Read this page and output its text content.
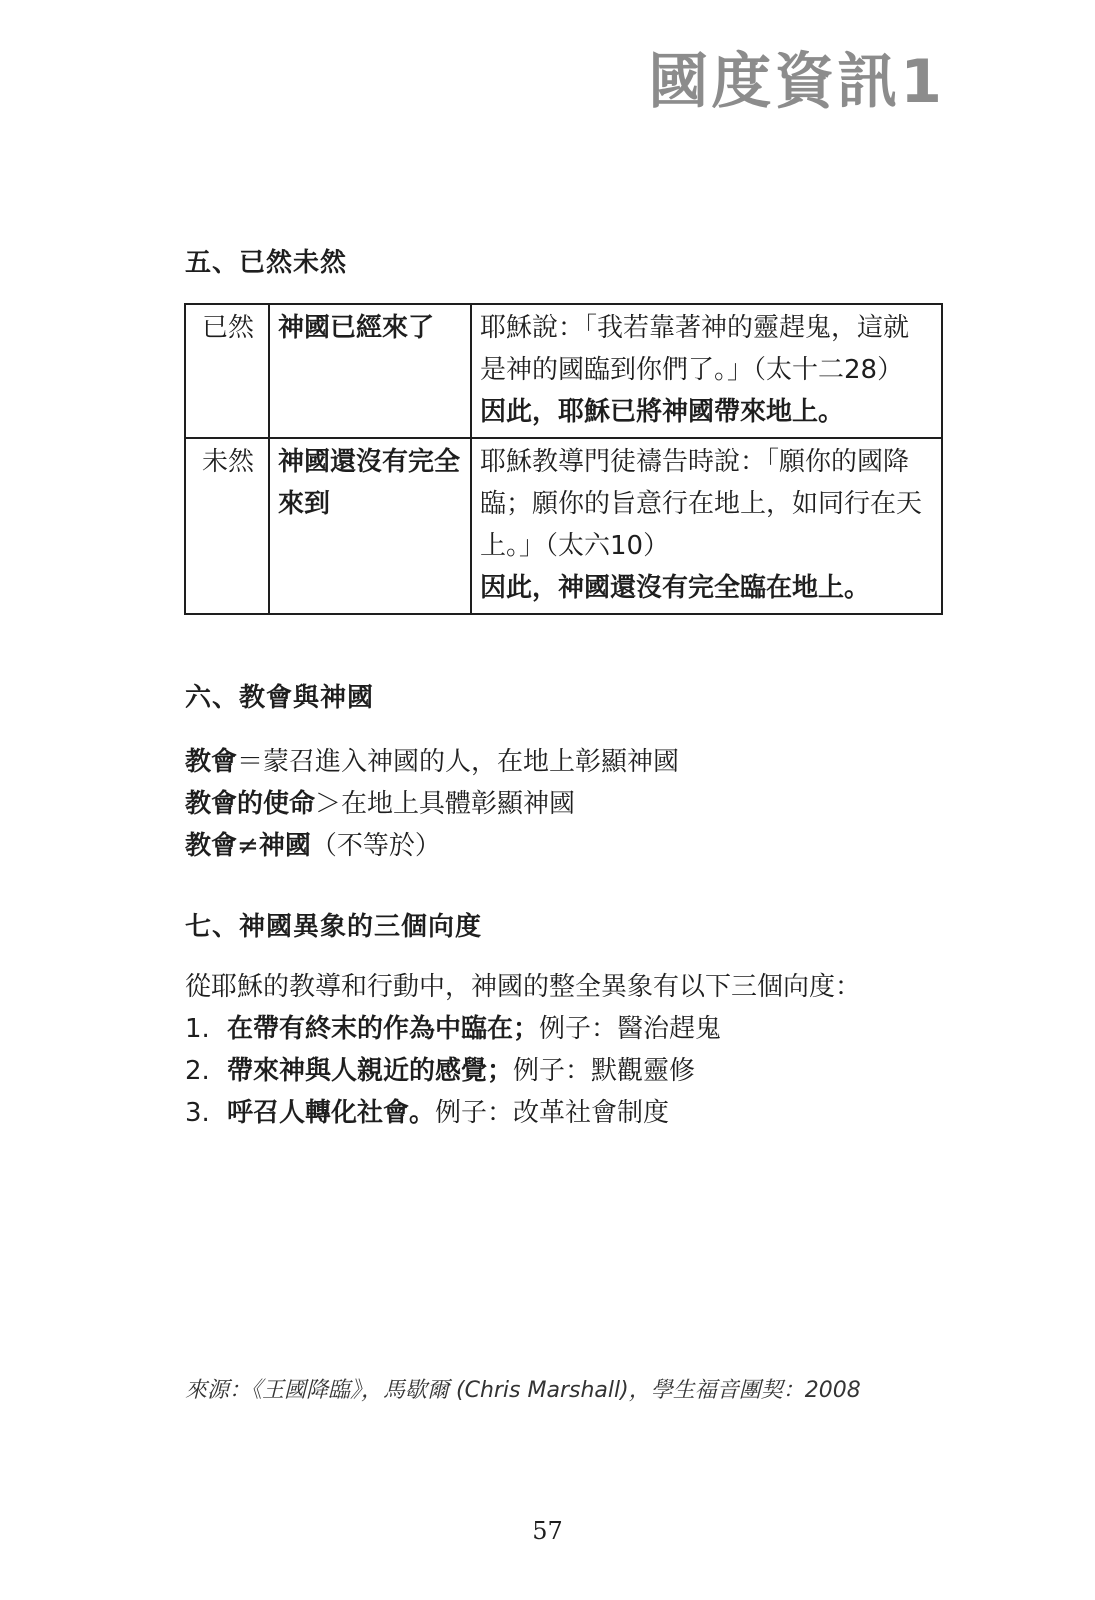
國度資訊1
五、已然未然
已然	神國已經來了	耶穌說：「我若靠著神的靈趕鬼，這就是神的國臨到你們了。」（太十二28）
因此，耶穌已將神國帶來地上。

未然	神國還沒有完全來到	耶穌教導門徒禱告時說：「願你的國降臨；願你的旨意行在地上，如同行在天上。」（太六10）
因此，神國還沒有完全臨在地上。
六、教會與神國
教會＝蒙召進入神國的人，在地上彰顯神國
教會的使命＞在地上具體彰顯神國
教會≠神國（不等於）
七、神國異象的三個向度
從耶穌的教導和行動中，神國的整全異象有以下三個向度：
1. 在帶有終末的作為中臨在；例子：醫治趕鬼
2. 帶來神與人親近的感覺；例子：默觀靈修
3. 呼召人轉化社會。例子：改革社會制度
來源：《王國降臨》，馬歇爾 (Chris Marshall)，學生福音團契：2008
57
